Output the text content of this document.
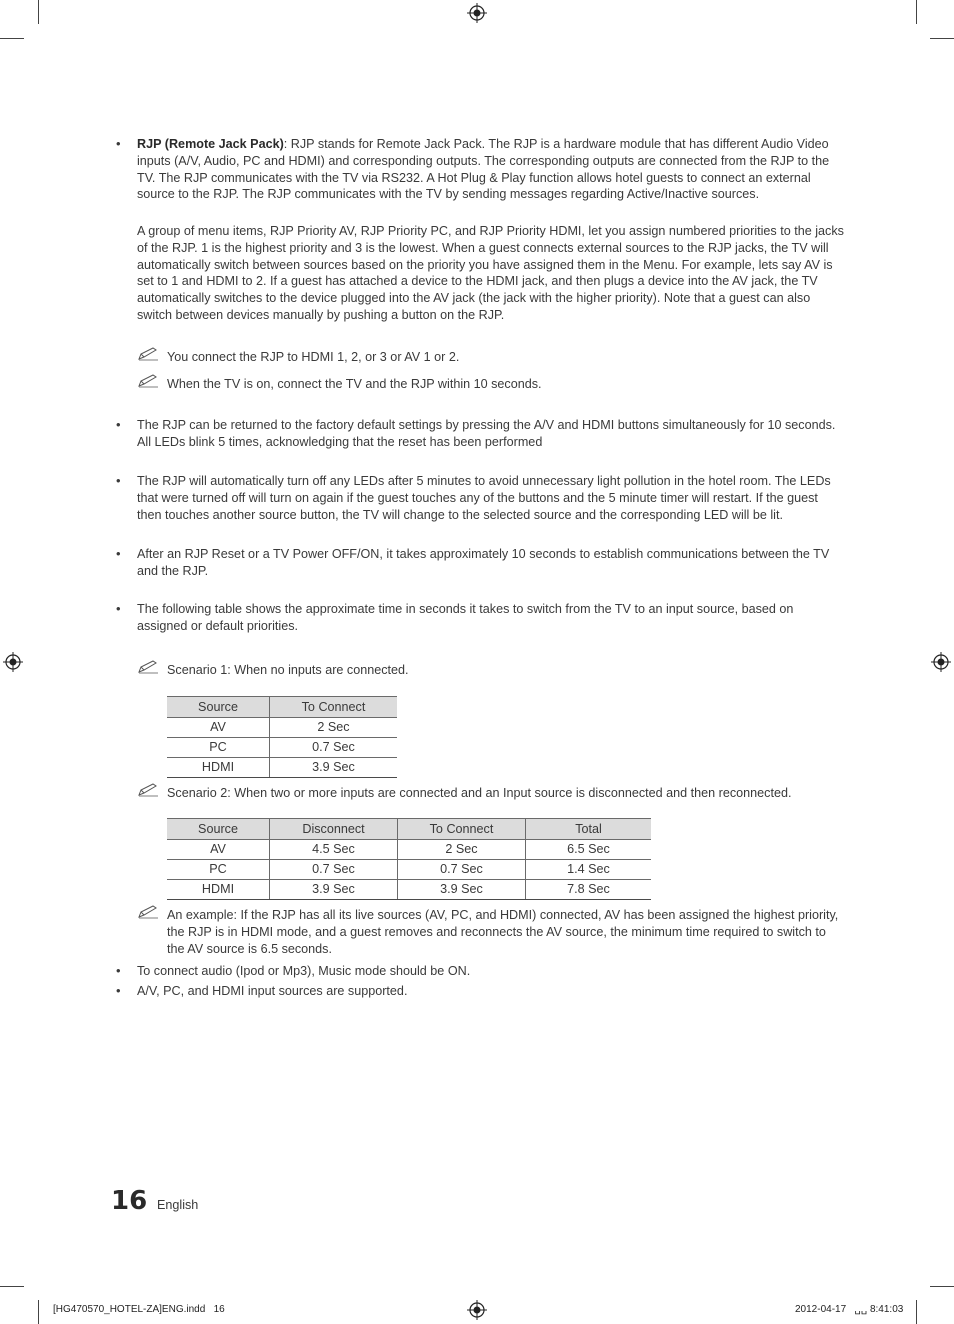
•	RJP (Remote Jack Pack): RJP stands for Remote Jack Pack. The RJP is a hardware module that has different Audio Video inputs (A/V, Audio, PC and HDMI) and corresponding outputs. The corresponding outputs are connected from the RJP to the TV. The RJP communicates with the TV via RS232. A Hot Plug & Play function allows hotel guests to connect an external source to the RJP. The RJP communicates with the TV by sending messages regarding Active/Inactive sources.

A group of menu items, RJP Priority AV, RJP Priority PC, and RJP Priority HDMI, let you assign numbered priorities to the jacks of the RJP. 1 is the highest priority and 3 is the lowest. When a guest connects external sources to the RJP jacks, the TV will automatically switch between sources based on the priority you have assigned them in the Menu. For example, lets say AV is set to 1 and HDMI to 2. If a guest has attached a device to the HDMI jack, and then plugs a device into the AV jack, the TV automatically switches to the device plugged into the AV jack (the jack with the higher priority). Note that a guest can also switch between devices manually by pushing a button on the RJP.

You connect the RJP to HDMI 1, 2, or 3 or AV 1 or 2.
When the TV is on, connect the TV and the RJP within 10 seconds.
•	The RJP can be returned to the factory default settings by pressing the A/V and HDMI buttons simultaneously for 10 seconds. All LEDs blink 5 times, acknowledging that the reset has been performed

•	The RJP will automatically turn off any LEDs after 5 minutes to avoid unnecessary light pollution in the hotel room. The LEDs that were turned off will turn on again if the guest touches any of the buttons and the 5 minute timer will restart. If the guest then touches another source button, the TV will change to the selected source and the corresponding LED will be lit.

•	After an RJP Reset or a TV Power OFF/ON, it takes approximately 10 seconds to establish communications between the TV and the RJP.

•	The following table shows the approximate time in seconds it takes to switch from the TV to an input source, based on assigned or default priorities.

Scenario 1: When no inputs are connected.
Source	To Connect
AV	2 Sec
PC	0.7 Sec
HDMI	3.9 Sec
Scenario 2: When two or more inputs are connected and an Input source is disconnected and then reconnected.
Source	Disconnect	To Connect	Total
AV	4.5 Sec	2 Sec	6.5 Sec
PC	0.7 Sec	0.7 Sec	1.4 Sec
HDMI	3.9 Sec	3.9 Sec	7.8 Sec
An example: If the RJP has all its live sources (AV, PC, and HDMI) connected, AV has been assigned the highest priority, the RJP is in HDMI mode, and a guest removes and reconnects the AV source, the minimum time required to switch to the AV source is 6.5 seconds.
•	To connect audio (Ipod or Mp3), Music mode should be ON.

•	A/V, PC, and HDMI input sources are supported.

16 English
[HG470570_HOTEL-ZA]ENG.indd   16	2012-04-17   ␣␣ 8:41:03
